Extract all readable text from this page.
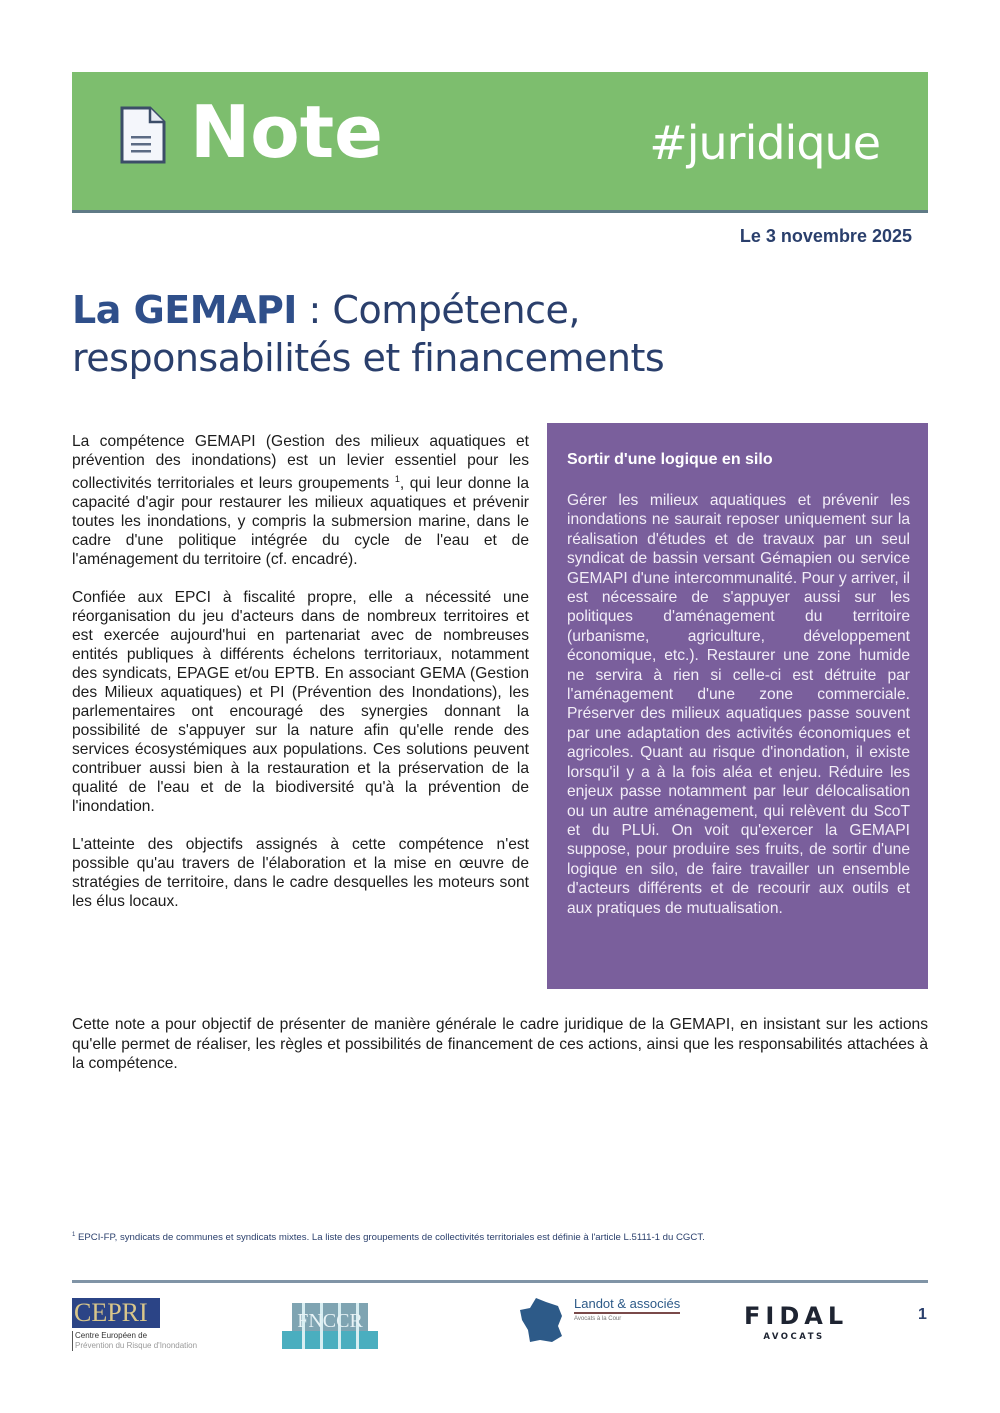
Note	#juridique
Le 3 novembre 2025
La GEMAPI : Compétence, responsabilités et financements

La compétence GEMAPI (Gestion des milieux aquatiques et prévention des inondations) est un levier essentiel pour les collectivités territoriales et leurs groupements $^1$, qui leur donne la capacité d'agir pour restaurer les milieux aquatiques et prévenir toutes les inondations, y compris la submersion marine, dans le cadre d'une politique intégrée du cycle de l'eau et de l'aménagement du territoire (cf. encadré).

Confiée aux EPCI à fiscalité propre, elle a nécessité une réorganisation du jeu d'acteurs dans de nombreux territoires et est exercée aujourd'hui en partenariat avec de nombreuses entités publiques à différents échelons territoriaux, notamment des syndicats, EPAGE et/ou EPTB. En associant GEMA (Gestion des Milieux aquatiques) et PI (Prévention des Inondations), les parlementaires ont encouragé des synergies donnant la possibilité de s'appuyer sur la nature afin qu'elle rende des services écosystémiques aux populations. Ces solutions peuvent contribuer aussi bien à la restauration et la préservation de la qualité de l'eau et de la biodiversité qu'à la prévention de l'inondation.

L'atteinte des objectifs assignés à cette compétence n'est possible qu'au travers de l'élaboration et la mise en œuvre de stratégies de territoire, dans le cadre desquelles les moteurs sont les élus locaux.

Sortir d'une logique en silo
Gérer les milieux aquatiques et prévenir les inondations ne saurait reposer uniquement sur la réalisation d'études et de travaux par un seul syndicat de bassin versant Gémapien ou service GEMAPI d'une intercommunalité. Pour y arriver, il est nécessaire de s'appuyer aussi sur les politiques d'aménagement du territoire (urbanisme, agriculture, développement économique, etc.). Restaurer une zone humide ne servira à rien si celle-ci est détruite par l'aménagement d'une zone commerciale. Préserver des milieux aquatiques passe souvent par une adaptation des activités économiques et agricoles. Quant au risque d'inondation, il existe lorsqu'il y a à la fois aléa et enjeu. Réduire les enjeux passe notamment par leur délocalisation ou un autre aménagement, qui relèvent du ScoT et du PLUi. On voit qu'exercer la GEMAPI suppose, pour produire ses fruits, de sortir d'une logique en silo, de faire travailler un ensemble d'acteurs différents et de recourir aux outils et aux pratiques de mutualisation.
Cette note a pour objectif de présenter de manière générale le cadre juridique de la GEMAPI, en insistant sur les actions qu'elle permet de réaliser, les règles et possibilités de financement de ces actions, ainsi que les responsabilités attachées à la compétence.
$^1$ EPCI-FP, syndicats de communes et syndicats mixtes. La liste des groupements de collectivités territoriales est définie à l'article L.5111-1 du CGCT.
CEPRI
Centre Européen de
Prévention du Risque d'Inondation
FNCCR
Landot & associés
Avocats à la Cour	FIDAL
AVOCATS
1
